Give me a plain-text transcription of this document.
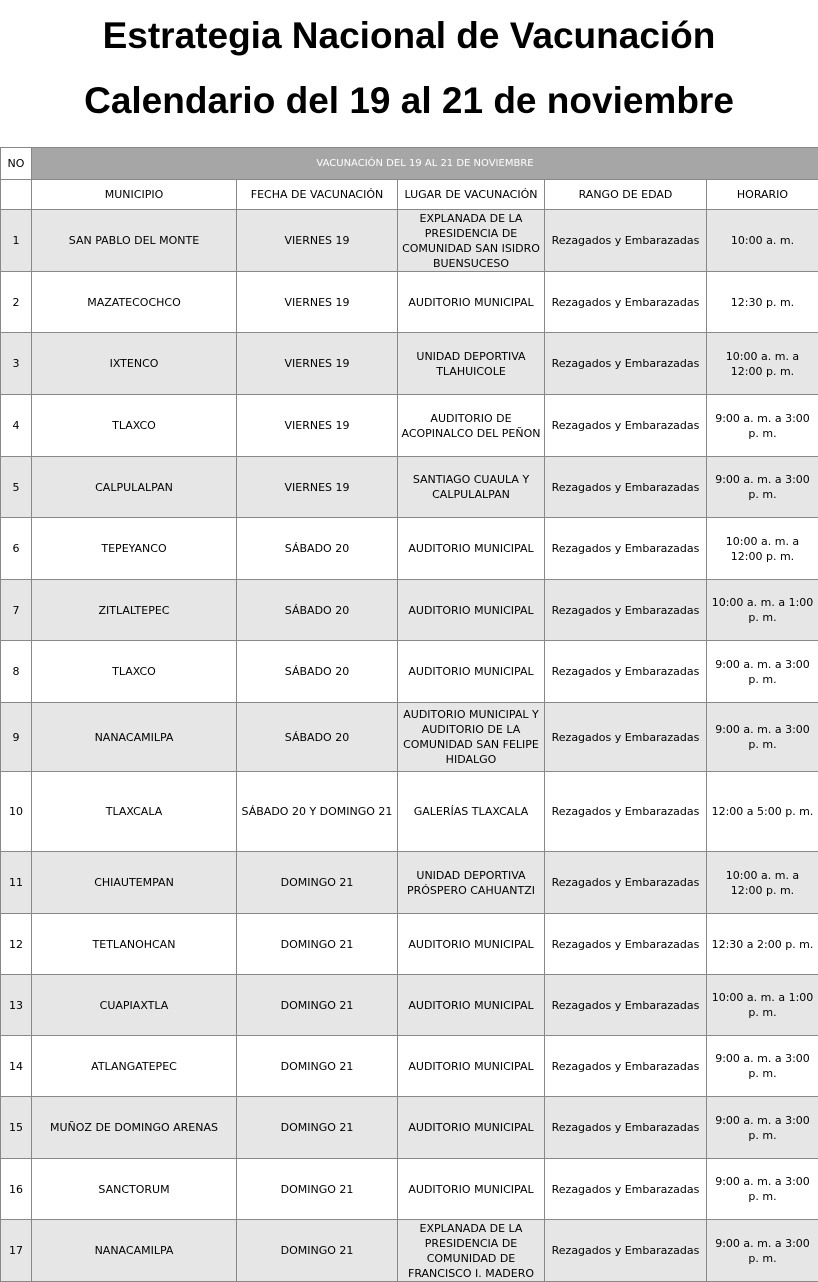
Estrategia Nacional de Vacunación
Calendario del 19 al 21 de noviembre
NO	VACUNACIÓN DEL 19 AL 21 DE NOVIEMBRE				
	MUNICIPIO	FECHA DE VACUNACIÓN	LUGAR DE VACUNACIÓN	RANGO DE EDAD	HORARIO
1	SAN PABLO DEL MONTE	VIERNES 19	EXPLANADA DE LA PRESIDENCIA DE COMUNIDAD SAN ISIDRO BUENSUCESO	Rezagados y Embarazadas	10:00 a. m.
2	MAZATECOCHCO	VIERNES 19	AUDITORIO MUNICIPAL	Rezagados y Embarazadas	12:30 p. m.
3	IXTENCO	VIERNES 19	UNIDAD DEPORTIVA TLAHUICOLE	Rezagados y Embarazadas	10:00 a. m. a 12:00 p. m.
4	TLAXCO	VIERNES 19	AUDITORIO DE ACOPINALCO DEL PEÑON	Rezagados y Embarazadas	9:00 a. m. a 3:00 p. m.
5	CALPULALPAN	VIERNES 19	SANTIAGO CUAULA Y CALPULALPAN	Rezagados y Embarazadas	9:00 a. m. a 3:00 p. m.
6	TEPEYANCO	SÁBADO 20	AUDITORIO MUNICIPAL	Rezagados y Embarazadas	10:00 a. m. a 12:00 p. m.
7	ZITLALTEPEC	SÁBADO 20	AUDITORIO MUNICIPAL	Rezagados y Embarazadas	10:00 a. m. a 1:00 p. m.
8	TLAXCO	SÁBADO 20	AUDITORIO MUNICIPAL	Rezagados y Embarazadas	9:00 a. m. a 3:00 p. m.
9	NANACAMILPA	SÁBADO 20	AUDITORIO MUNICIPAL Y AUDITORIO DE LA COMUNIDAD SAN FELIPE HIDALGO	Rezagados y Embarazadas	9:00 a. m. a 3:00 p. m.
10	TLAXCALA	SÁBADO 20 Y DOMINGO 21	GALERÍAS TLAXCALA	Rezagados y Embarazadas	12:00 a 5:00 p. m.
11	CHIAUTEMPAN	DOMINGO 21	UNIDAD DEPORTIVA PRÓSPERO CAHUANTZI	Rezagados y Embarazadas	10:00 a. m. a 12:00 p. m.
12	TETLANOHCAN	DOMINGO 21	AUDITORIO MUNICIPAL	Rezagados y Embarazadas	12:30 a 2:00 p. m.
13	CUAPIAXTLA	DOMINGO 21	AUDITORIO MUNICIPAL	Rezagados y Embarazadas	10:00 a. m. a 1:00 p. m.
14	ATLANGATEPEC	DOMINGO 21	AUDITORIO MUNICIPAL	Rezagados y Embarazadas	9:00 a. m. a 3:00 p. m.
15	MUÑOZ DE DOMINGO ARENAS	DOMINGO 21	AUDITORIO MUNICIPAL	Rezagados y Embarazadas	9:00 a. m. a 3:00 p. m.
16	SANCTORUM	DOMINGO 21	AUDITORIO MUNICIPAL	Rezagados y Embarazadas	9:00 a. m. a 3:00 p. m.
17	NANACAMILPA	DOMINGO 21	EXPLANADA DE LA PRESIDENCIA DE COMUNIDAD DE FRANCISCO I. MADERO	Rezagados y Embarazadas	9:00 a. m. a 3:00 p. m.
